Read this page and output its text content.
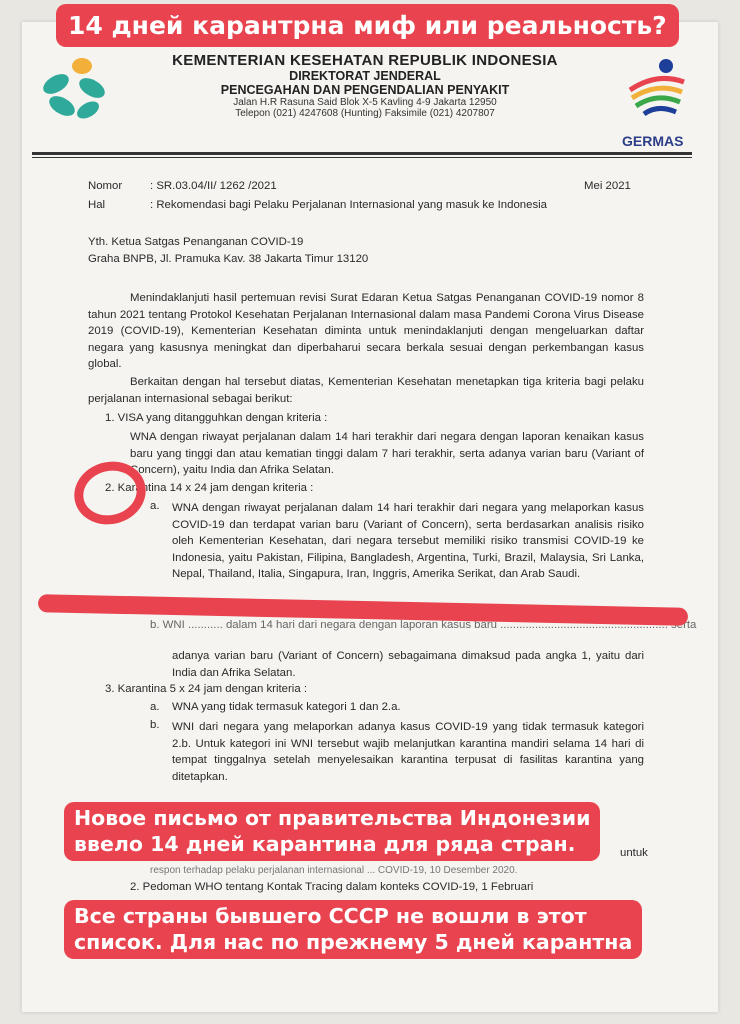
GERMAS
KEMENTERIAN KESEHATAN REPUBLIK INDONESIA
DIREKTORAT JENDERAL
PENCEGAHAN DAN PENGENDALIAN PENYAKIT
Jalan H.R Rasuna Said Blok X-5 Kavling 4-9 Jakarta 12950
Telepon (021) 4247608 (Hunting) Faksimile (021) 4207807
Nomor : SR.03.04/II/ 1262 /2021	Mei 2021
Hal	: Rekomendasi bagi Pelaku Perjalanan Internasional yang masuk ke Indonesia
Yth. Ketua Satgas Penanganan COVID-19
Graha BNPB, Jl. Pramuka Kav. 38 Jakarta Timur 13120
Menindaklanjuti hasil pertemuan revisi Surat Edaran Ketua Satgas Penanganan COVID-19 nomor 8 tahun 2021 tentang Protokol Kesehatan Perjalanan Internasional dalam masa Pandemi Corona Virus Disease 2019 (COVID-19), Kementerian Kesehatan diminta untuk menindaklanjuti dengan mengeluarkan daftar negara yang kasusnya meningkat dan diperbaharui secara berkala sesuai dengan perkembangan kasus global.
Berkaitan dengan hal tersebut diatas, Kementerian Kesehatan menetapkan tiga kriteria bagi pelaku perjalanan internasional sebagai berikut:
1. VISA yang ditangguhkan dengan kriteria :
WNA dengan riwayat perjalanan dalam 14 hari terakhir dari negara dengan laporan kenaikan kasus baru yang tinggi dan atau kematian tinggi dalam 7 hari terakhir, serta adanya varian baru (Variant of Concern), yaitu India dan Afrika Selatan.
2. Karantina 14 x 24 jam dengan kriteria :
a. WNA dengan riwayat perjalanan dalam 14 hari terakhir dari negara yang melaporkan kasus COVID-19 dan terdapat varian baru (Variant of Concern), serta berdasarkan analisis risiko oleh Kementerian Kesehatan, dari negara tersebut memiliki risiko transmisi COVID-19 ke Indonesia, yaitu Pakistan, Filipina, Bangladesh, Argentina, Turki, Brazil, Malaysia, Sri Lanka, Nepal, Thailand, Italia, Singapura, Iran, Inggris, Amerika Serikat, dan Arab Saudi.
b. WNI ........... dalam 14 hari dari negara dengan laporan kasus baru ..................................................... serta
adanya varian baru (Variant of Concern) sebagaimana dimaksud pada angka 1, yaitu dari India dan Afrika Selatan.
3. Karantina 5 x 24 jam dengan kriteria :
a. WNA yang tidak termasuk kategori 1 dan 2.a.
b. WNI dari negara yang melaporkan adanya kasus COVID-19 yang tidak termasuk kategori 2.b. Untuk kategori ini WNI tersebut wajib melanjutkan karantina mandiri selama 14 hari di tempat tinggalnya setelah menyelesaikan karantina terpusat di fasilitas karantina yang ditetapkan.
untuk
respon terhadap pelaku perjalanan internasional ... COVID-19, 10 Desember 2020.
2. Pedoman WHO tentang Kontak Tracing dalam konteks COVID-19, 1 Februari
14 дней карантрна миф или реальность?
Новое письмо от правительства Индонезии
ввело 14 дней карантина для ряда стран.
Все страны бывшего СССР не вошли в этот
список. Для нас по прежнему 5 дней карантна
